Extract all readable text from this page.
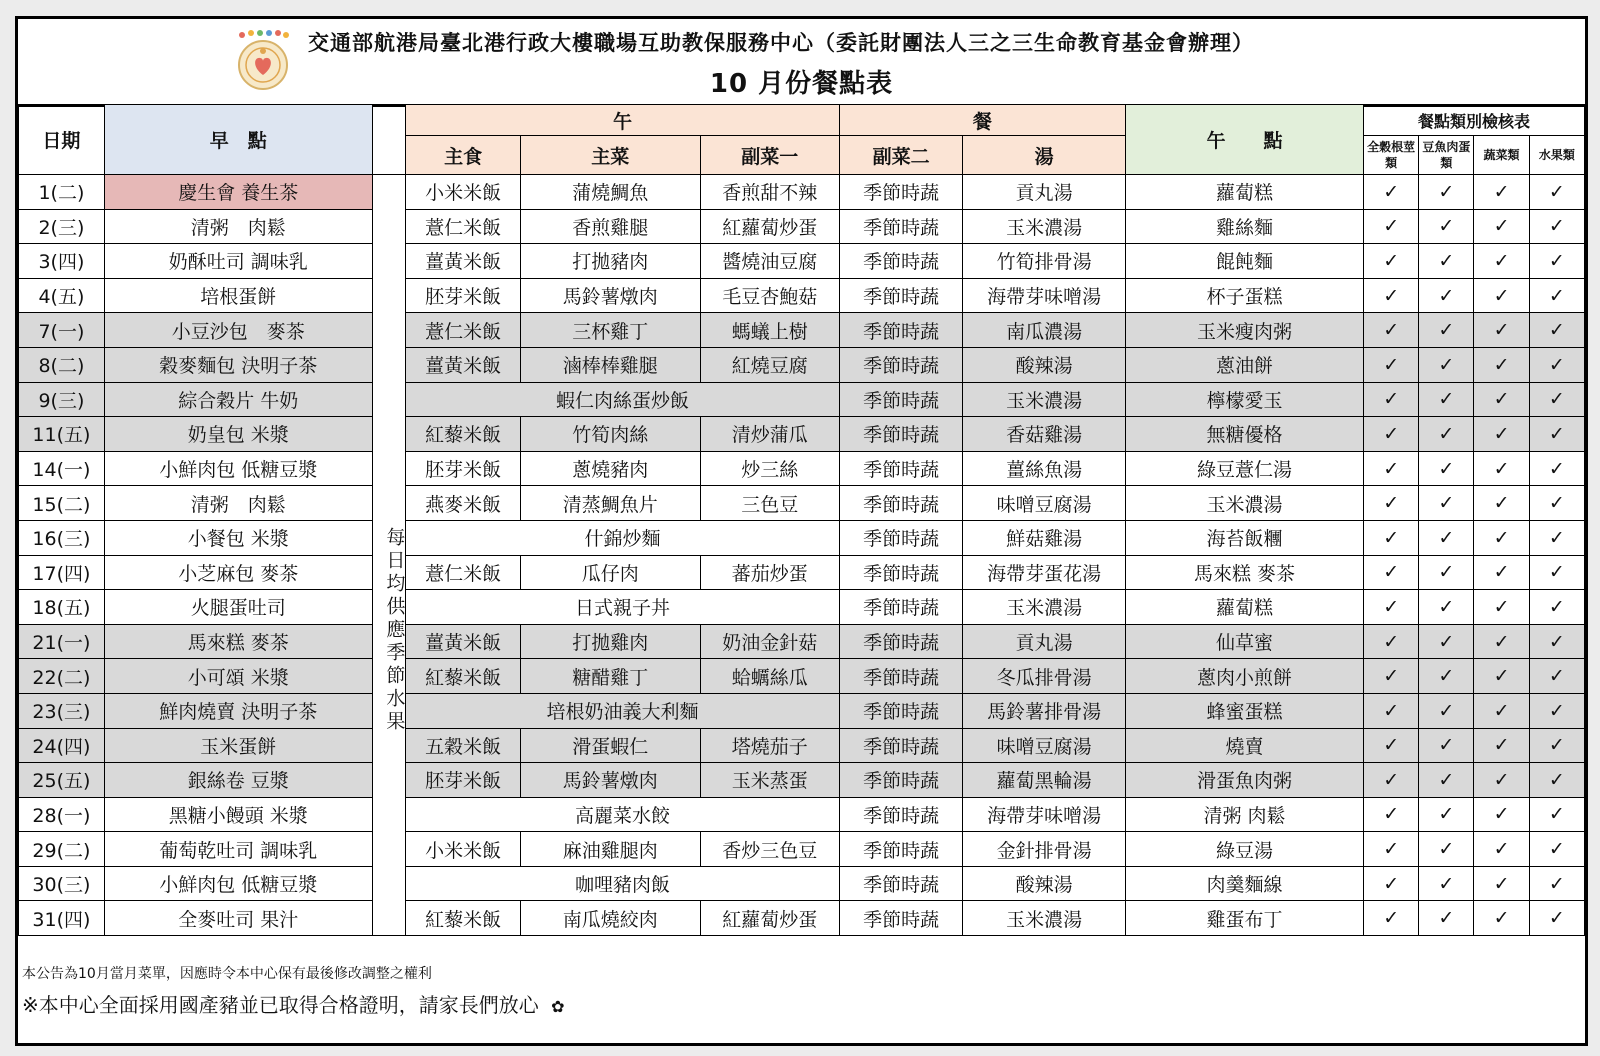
交通部航港局臺北港行政大樓職場互助教保服務中心（委託財團法人三之三生命教育基金會辦理）
10 月份餐點表
日期	早　點		午			餐		午　　點	餐點類別檢核表			
			主食	主菜	副菜一	副菜二	湯		全穀根莖類	豆魚肉蛋類	蔬菜類	水果類
1(二)	慶生會 養生茶	每日均供應季節水果	小米米飯	蒲燒鯛魚	香煎甜不辣	季節時蔬	貢丸湯	蘿蔔糕	✓	✓	✓	✓
2(三)	清粥　肉鬆		薏仁米飯	香煎雞腿	紅蘿蔔炒蛋	季節時蔬	玉米濃湯	雞絲麵	✓	✓	✓	✓
3(四)	奶酥吐司 調味乳		薑黃米飯	打拋豬肉	醬燒油豆腐	季節時蔬	竹筍排骨湯	餛飩麵	✓	✓	✓	✓
4(五)	培根蛋餅		胚芽米飯	馬鈴薯燉肉	毛豆杏鮑菇	季節時蔬	海帶芽味噌湯	杯子蛋糕	✓	✓	✓	✓
7(一)	小豆沙包　麥茶		薏仁米飯	三杯雞丁	螞蟻上樹	季節時蔬	南瓜濃湯	玉米瘦肉粥	✓	✓	✓	✓
8(二)	穀麥麵包 決明子茶		薑黃米飯	滷棒棒雞腿	紅燒豆腐	季節時蔬	酸辣湯	蔥油餅	✓	✓	✓	✓
9(三)	綜合穀片 牛奶		蝦仁肉絲蛋炒飯			季節時蔬	玉米濃湯	檸檬愛玉	✓	✓	✓	✓
11(五)	奶皇包 米漿		紅藜米飯	竹筍肉絲	清炒蒲瓜	季節時蔬	香菇雞湯	無糖優格	✓	✓	✓	✓
14(一)	小鮮肉包 低糖豆漿		胚芽米飯	蔥燒豬肉	炒三絲	季節時蔬	薑絲魚湯	綠豆薏仁湯	✓	✓	✓	✓
15(二)	清粥　肉鬆		燕麥米飯	清蒸鯛魚片	三色豆	季節時蔬	味噌豆腐湯	玉米濃湯	✓	✓	✓	✓
16(三)	小餐包 米漿		什錦炒麵			季節時蔬	鮮菇雞湯	海苔飯糰	✓	✓	✓	✓
17(四)	小芝麻包 麥茶		薏仁米飯	瓜仔肉	蕃茄炒蛋	季節時蔬	海帶芽蛋花湯	馬來糕 麥茶	✓	✓	✓	✓
18(五)	火腿蛋吐司		日式親子丼			季節時蔬	玉米濃湯	蘿蔔糕	✓	✓	✓	✓
21(一)	馬來糕 麥茶		薑黃米飯	打拋雞肉	奶油金針菇	季節時蔬	貢丸湯	仙草蜜	✓	✓	✓	✓
22(二)	小可頌 米漿		紅藜米飯	糖醋雞丁	蛤蠣絲瓜	季節時蔬	冬瓜排骨湯	蔥肉小煎餅	✓	✓	✓	✓
23(三)	鮮肉燒賣 決明子茶		培根奶油義大利麵			季節時蔬	馬鈴薯排骨湯	蜂蜜蛋糕	✓	✓	✓	✓
24(四)	玉米蛋餅		五穀米飯	滑蛋蝦仁	塔燒茄子	季節時蔬	味噌豆腐湯	燒賣	✓	✓	✓	✓
25(五)	銀絲卷 豆漿		胚芽米飯	馬鈴薯燉肉	玉米蒸蛋	季節時蔬	蘿蔔黑輪湯	滑蛋魚肉粥	✓	✓	✓	✓
28(一)	黑糖小饅頭 米漿		高麗菜水餃			季節時蔬	海帶芽味噌湯	清粥 肉鬆	✓	✓	✓	✓
29(二)	葡萄乾吐司 調味乳		小米米飯	麻油雞腿肉	香炒三色豆	季節時蔬	金針排骨湯	綠豆湯	✓	✓	✓	✓
30(三)	小鮮肉包 低糖豆漿		咖哩豬肉飯			季節時蔬	酸辣湯	肉羹麵線	✓	✓	✓	✓
31(四)	全麥吐司 果汁		紅藜米飯	南瓜燒絞肉	紅蘿蔔炒蛋	季節時蔬	玉米濃湯	雞蛋布丁	✓	✓	✓	✓
本公告為10月當月菜單，因應時令本中心保有最後修改調整之權利
※本中心全面採用國產豬並已取得合格證明，請家長們放心 ✿
